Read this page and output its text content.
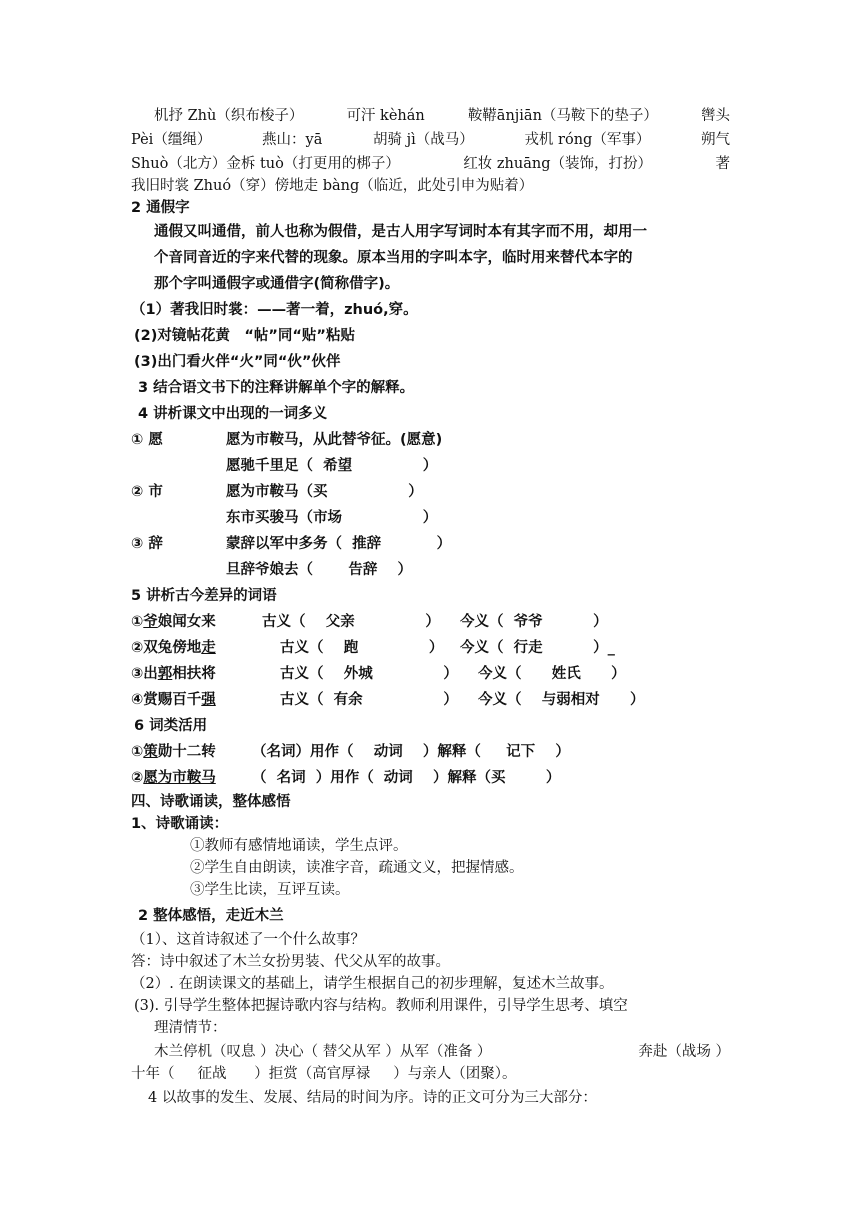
机抒 Zhù（织布梭子）	可汗 kèhán	鞍鞯ānjiān（马鞍下的垫子）	辔头
Pèi（缰绳）	燕山：yā	胡骑 jì（战马）	戎机 róng（军事）	朔气
Shuò（北方）金柝 tuò（打更用的梆子）	红妆 zhuāng（装饰，打扮）	著
我旧时裳 Zhuó（穿）傍地走 bàng（临近，此处引申为贴着）
2 通假字
通假又叫通借，前人也称为假借，是古人用字写词时本有其字而不用，却用一
个音同音近的字来代替的现象。原本当用的字叫本字，临时用来替代本字的
那个字叫通假字或通借字(简称借字)。
（1）著我旧时裳：——著一着，zhuó,穿。
(2)对镜帖花黄　“帖”同“贴”粘贴
(3)出门看火伴“火”同“伙”伙伴
3 结合语文书下的注释讲解单个字的解释。
4 讲析课文中出现的一词多义
① 愿	愿为市鞍马，从此替爷征。(愿意)
愿驰千里足（  希望              ）
② 市	愿为市鞍马（买                ）
东市买骏马（市场                ）
③ 辞	蒙辞以军中多务（  推辞           ）
旦辞爷娘去（       告辞    ）
5 讲析古今差异的词语
①爷娘闻女来	古义（    父亲              ） 今义（  爷爷          ）
②双兔傍地走	古义（    跑              ） 今义（  行走          ）_
③出郭相扶将	古义（    外城              ） 今义（      姓氏      ）
④赏赐百千强	古义（  有余                ） 今义（    与弱相对      ）
6 词类活用
①策勋十二转 （名词）用作（    动词    ）解释（     记下    ）
②愿为市鞍马 （  名词  ）用作（  动词    ）解释（买        ）
四、诗歌诵读，整体感悟
1、诗歌诵读：
①教师有感情地诵读，学生点评。
②学生自由朗读，读准字音，疏通文义，把握情感。
③学生比读，互评互读。
2 整体感悟，走近木兰
（1）、这首诗叙述了一个什么故事？
答：诗中叙述了木兰女扮男装、代父从军的故事。
（2）. 在朗读课文的基础上，请学生根据自己的初步理解，复述木兰故事。
(3). 引导学生整体把握诗歌内容与结构。教师利用课件，引导学生思考、填空
理清情节：
木兰停机（叹息 ）决心（ 替父从军 ）从军（准备 ）	奔赴（战场 ）
十年（     征战      ）拒赏（高官厚禄     ）与亲人（团聚）。
4 以故事的发生、发展、结局的时间为序。诗的正文可分为三大部分：
